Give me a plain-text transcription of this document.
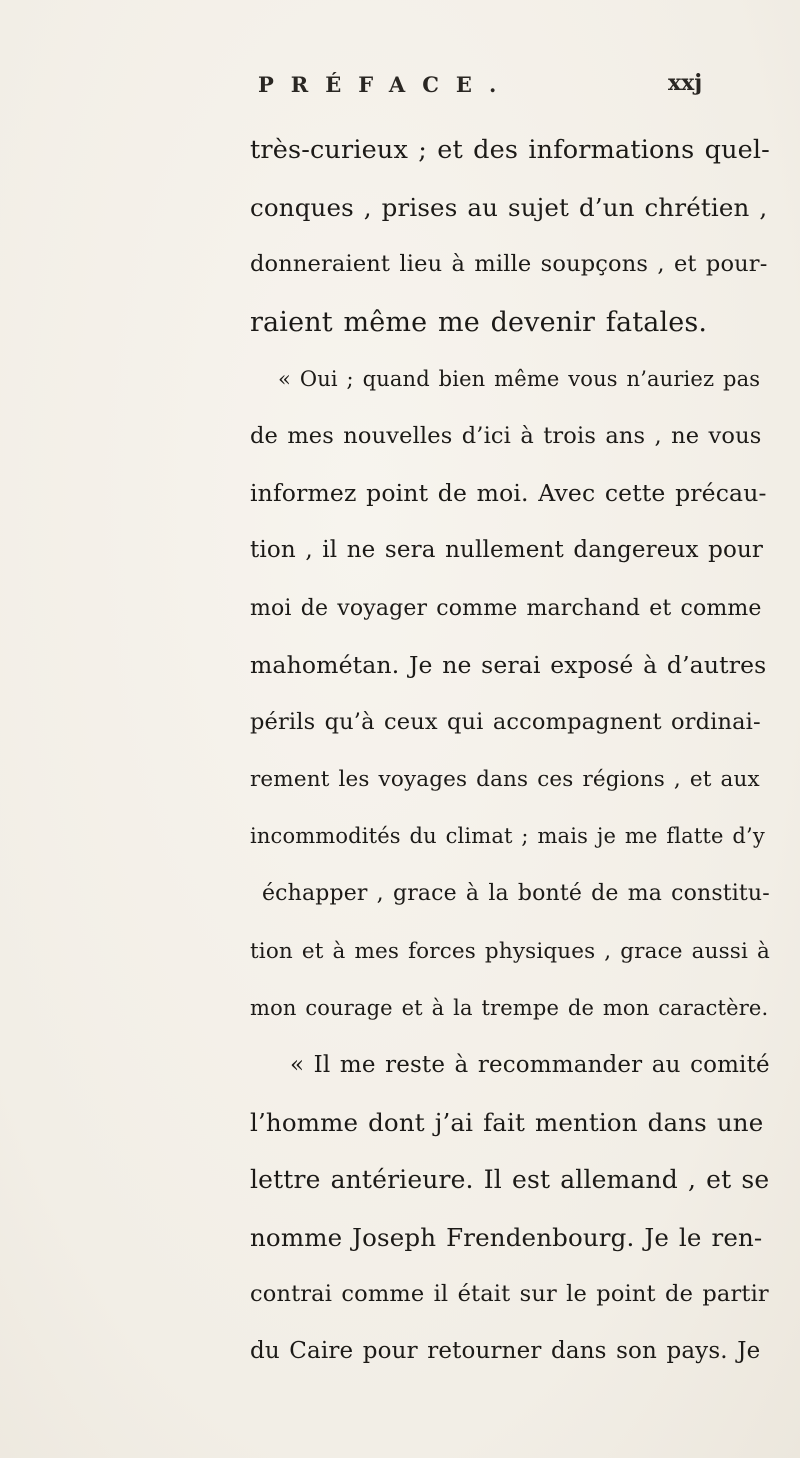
PRÉFACE.	xxj
très-curieux ; et des informations quel-
conques , prises au sujet d’un chrétien ,
donneraient lieu à mille soupçons , et pour-
raient même me devenir fatales.
« Oui ; quand bien même vous n’auriez pas
de mes nouvelles d’ici à trois ans , ne vous
informez point de moi. Avec cette précau-
tion , il ne sera nullement dangereux pour
moi de voyager comme marchand et comme
mahométan. Je ne serai exposé à d’autres
périls qu’à ceux qui accompagnent ordinai-
rement les voyages dans ces régions , et aux
incommodités du climat ; mais je me flatte d’y
échapper , grace à la bonté de ma constitu-
tion et à mes forces physiques , grace aussi à
mon courage et à la trempe de mon caractère.
« Il me reste à recommander au comité
l’homme dont j’ai fait mention dans une
lettre antérieure. Il est allemand , et se
nomme Joseph Frendenbourg. Je le ren-
contrai comme il était sur le point de partir
du Caire pour retourner dans son pays. Je
